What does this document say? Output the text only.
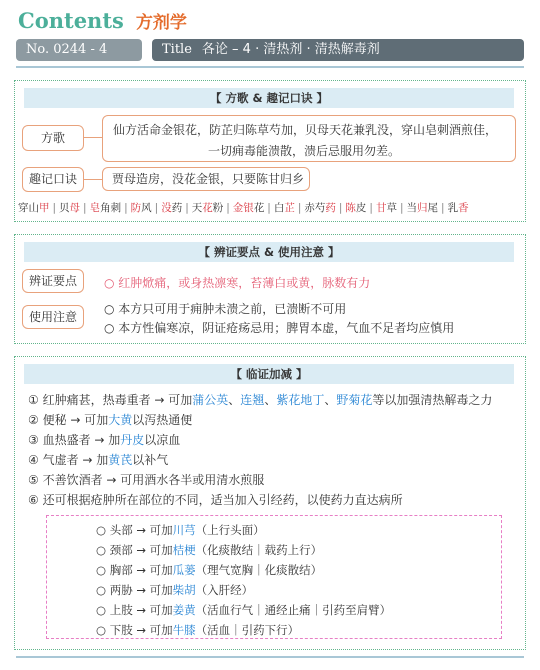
Contents 方剂学
No. 0244 - 4	Title 各论 – 4 · 清热剂 · 清热解毒剂
【 方歌 & 趣记口诀 】
方歌
仙方活命金银花，防芷归陈草芍加，贝母天花兼乳没，穿山皂刺酒煎佳，
一切痈毒能溃散，溃后忌服用勿差。
趣记口诀	贾母造房，没花金银，只要陈甘归乡
穿山甲 | 贝母 | 皂角刺 | 防风 | 没药 | 天花粉 | 金银花 | 白芷 | 赤芍药 | 陈皮 | 甘草 | 当归尾 | 乳香
【 辨证要点 & 使用注意 】
辨证要点	○ 红肿焮痛，或身热凛寒，苔薄白或黄，脉数有力
使用注意
○ 本方只可用于痈肿未溃之前，已溃断不可用
○ 本方性偏寒凉，阴证疮疡忌用；脾胃本虚，气血不足者均应慎用
【 临证加减 】
① 红肿痛甚，热毒重者 → 可加蒲公英、连翘、紫花地丁、野菊花等以加强清热解毒之力
② 便秘 → 可加大黄以泻热通便
③ 血热盛者 → 加丹皮以凉血
④ 气虚者 → 加黄芪以补气
⑤ 不善饮酒者 → 可用酒水各半或用清水煎服
⑥ 还可根据疮肿所在部位的不同，适当加入引经药，以使药力直达病所
○ 头部 → 可加川芎（上行头面）
○ 颈部 → 可加桔梗（化痰散结｜载药上行）
○ 胸部 → 可加瓜蒌（理气宽胸｜化痰散结）
○ 两胁 → 可加柴胡（入肝经）
○ 上肢 → 可加姜黄（活血行气｜通经止痛｜引药至肩臂）
○ 下肢 → 可加牛膝（活血｜引药下行）
